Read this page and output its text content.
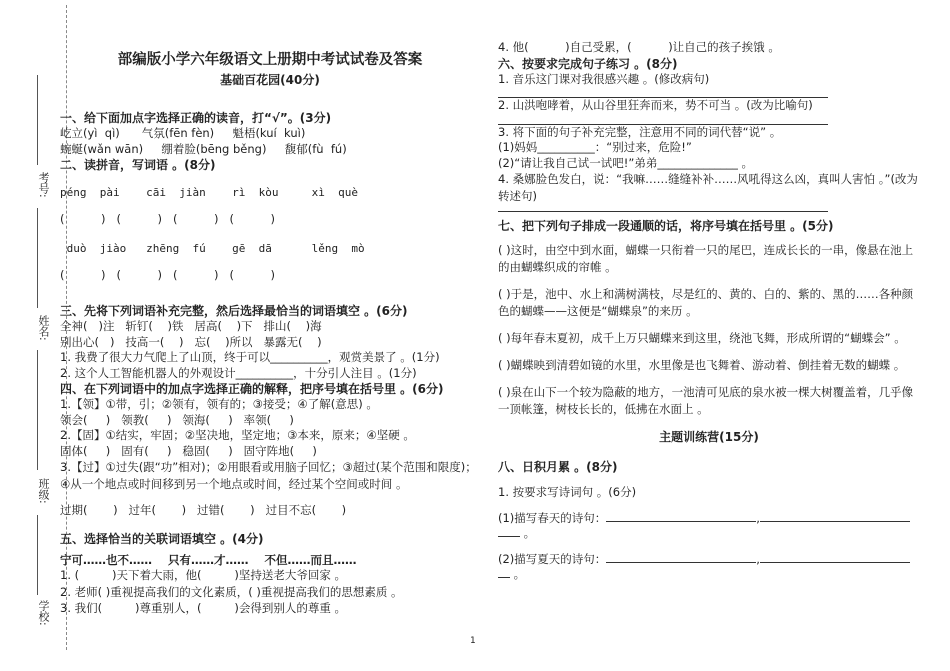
考号:
姓名:
班级:
学校:
部编版小学六年级语文上册期中考试试卷及答案
基础百花园(40分)
一、给下面加点字选择正确的读音，打“√”。(3分)
屹立(yì  qì)      气氛(fēn fèn)     魁梧(kuí  kuì)
蜿蜒(wǎn wān)     绷着脸(bēng běng)     馥郁(fù  fú)
二、读拼音，写词语 。(8分)
péng  pài    cāi  jiàn    rì  kòu     xì  què
(          )   (          )   (          )   (          )
duò  jiào   zhēng  fú    gē  dā      lěng  mò
(          )   (          )   (          )   (          )
三、先将下列词语补充完整，然后选择最恰当的词语填空 。(6分)
全神(   )注   斩钉(    )铁   居高(    )下   排山(    )海
别出心(   )   技高一(    )   忘(    )所以   暴露无(    )
1. 我费了很大力气爬上了山顶，终于可以__________，观赏美景了 。(1分)
2. 这个人工智能机器人的外观设计__________，十分引人注目 。(1分)
四、在下列词语中的加点字选择正确的解释，把序号填在括号里 。(6分)
1.【领】①带，引；②领有，领有的；③接受；④了解(意思) 。
领会(     )   领教(     )   领海(     )   率领(     )
2.【固】①结实，牢固；②坚决地，坚定地；③本来，原来；④坚硬 。
固体(     )   固有(     )   稳固(     )   固守阵地(     )
3.【过】①过失(跟“功”相对)；②用眼看或用脑子回忆；③超过(某个范围和限度)；④从一个地点或时间移到另一个地点或时间，经过某个空间或时间 。
过期(       )   过年(       )   过错(       )   过目不忘(       )
五、选择恰当的关联词语填空 。(4分)
宁可……也不……    只有……才……    不但……而且……
1. (         )天下着大雨，他(         )坚持送老大爷回家 。
2. 老师( )重视提高我们的文化素质，( )重视提高我们的思想素质 。
3. 我们(         )尊重别人，(         )会得到别人的尊重 。
4. 他(          )自己受累，(          )让自己的孩子挨饿 。
六、按要求完成句子练习 。(8分)
1. 音乐这门课对我很感兴趣 。(修改病句)
2. 山洪咆哮着，从山谷里狂奔而来，势不可当 。(改为比喻句)
3. 将下面的句子补充完整，注意用不同的词代替“说” 。
(1)妈妈__________：“别过来，危险!”
(2)“请让我自己试一试吧!”弟弟______________ 。
4. 桑娜脸色发白，说：“我嘛……缝缝补补……风吼得这么凶，真叫人害怕 。”(改为转述句)
七、把下列句子排成一段通顺的话，将序号填在括号里 。(5分)
( )这时，由空中到水面，蝴蝶一只衔着一只的尾巴，连成长长的一串，像悬在池上的由蝴蝶织成的帘帷 。
( )于是，池中、水上和满树满枝，尽是红的、黄的、白的、紫的、黑的……各种颜色的蝴蝶——这便是“蝴蝶泉”的来历 。
( )每年春末夏初，成千上万只蝴蝶来到这里，绕池飞舞，形成所谓的“蝴蝶会” 。
( )蝴蝶映到清碧如镜的水里，水里像是也飞舞着、游动着、倒挂着无数的蝴蝶 。
( )泉在山下一个较为隐蔽的地方，一池清可见底的泉水被一棵大树覆盖着，几乎像一顶帐篷，树枝长长的，低拂在水面上 。
主题训练营(15分)
八、日积月累 。(8分)
1. 按要求写诗词句 。(6分)
(1)描写春天的诗句：	,
。
(2)描写夏天的诗句：	,
。
1
